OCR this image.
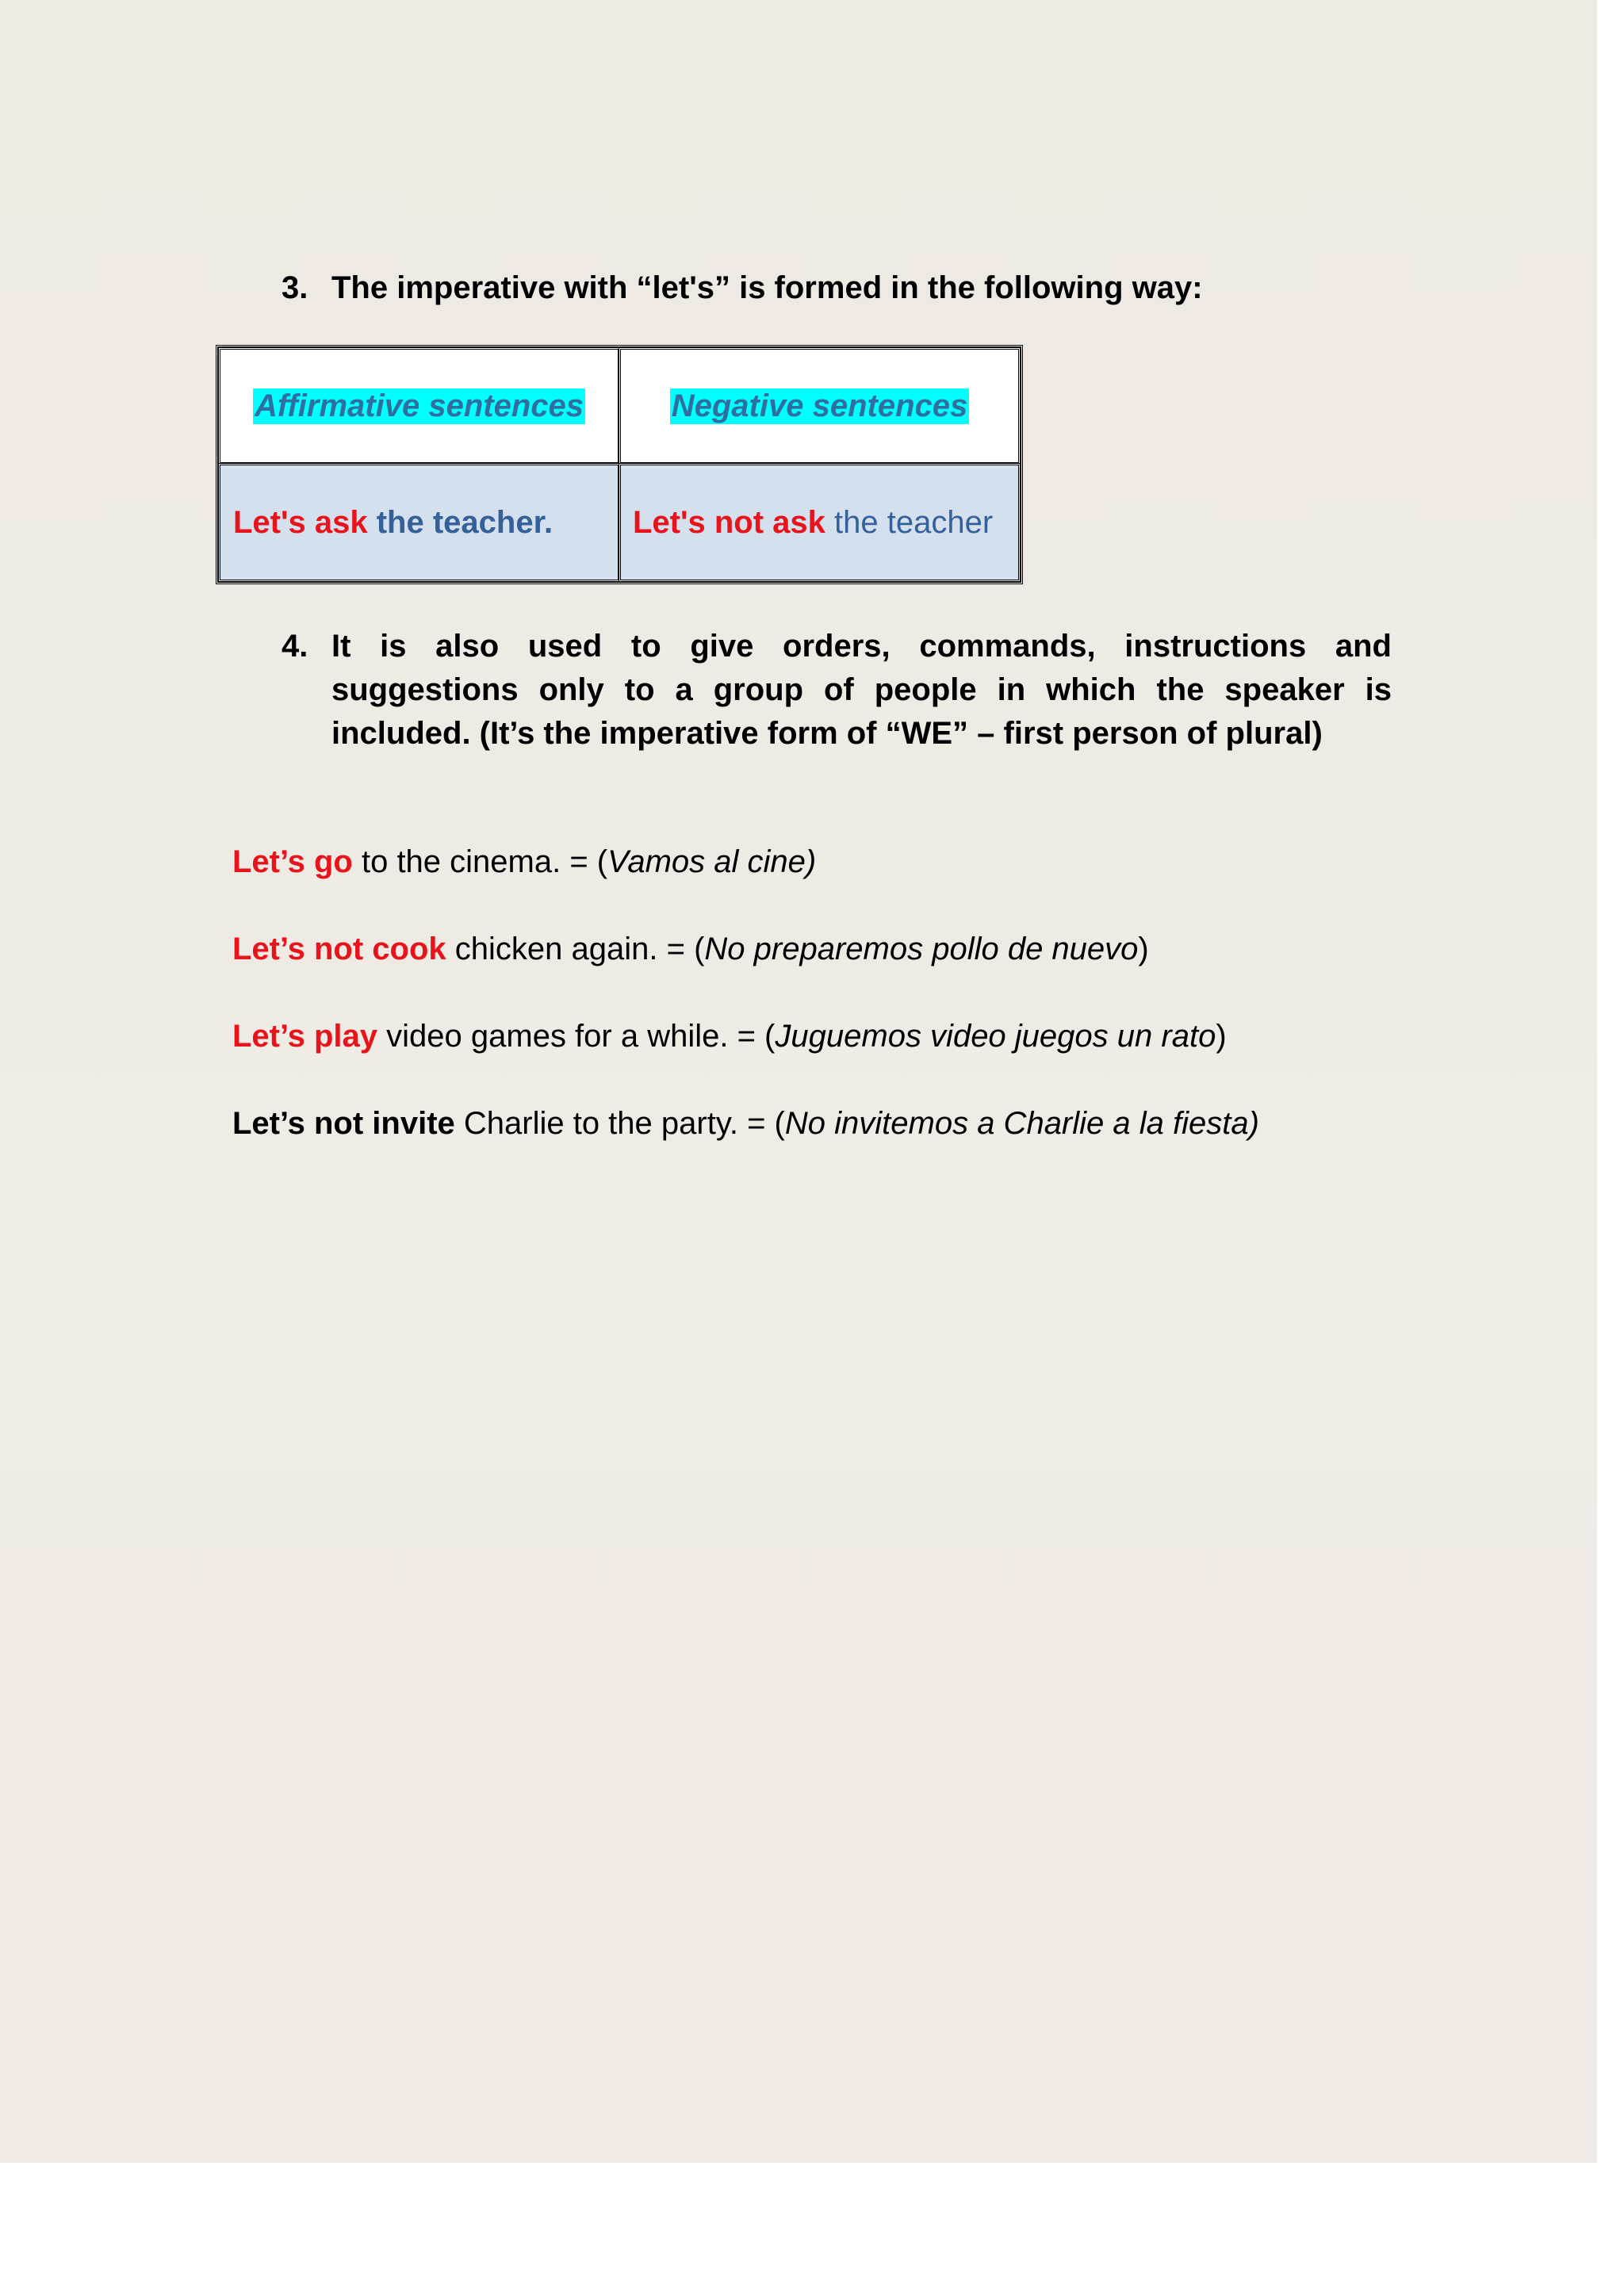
3. The imperative with “let's” is formed in the following way:
Affirmative sentences	Negative sentences
Let's ask
the teacher.	Let's not ask
the teacher
4. It is also used to give orders, commands, instructions and
suggestions only to a group of people in which the speaker is
included. (It’s the imperative form of “WE” – first person of plural)
Let’s go to the cinema. = (Vamos al cine)
Let’s not cook chicken again. = (No preparemos pollo de nuevo)
Let’s play video games for a while. = (Juguemos video juegos un rato)
Let’s not invite Charlie to the party. = (No invitemos a Charlie a la fiesta)
